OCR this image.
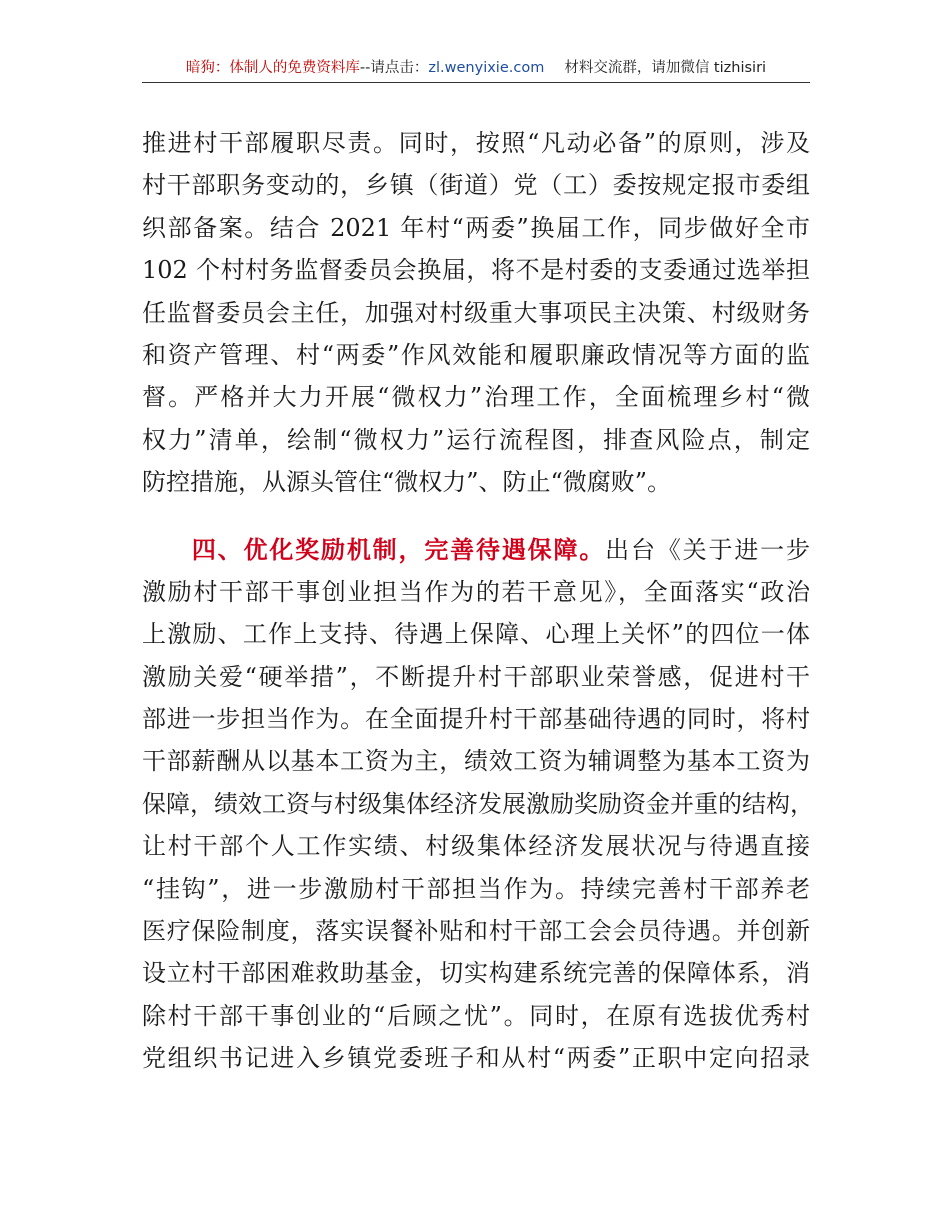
暗狗：体制人的免费资料库--请点击：zl.wenyixie.com 材料交流群，请加微信 tizhisiri
推进村干部履职尽责。同时，按照“凡动必备”的原则，涉及
村干部职务变动的，乡镇（街道）党（工）委按规定报市委组
织部备案。结合 2021 年村“两委”换届工作，同步做好全市
102 个村村务监督委员会换届，将不是村委的支委通过选举担
任监督委员会主任，加强对村级重大事项民主决策、村级财务
和资产管理、村“两委”作风效能和履职廉政情况等方面的监
督。严格并大力开展“微权力”治理工作，全面梳理乡村“微
权力”清单，绘制“微权力”运行流程图，排查风险点，制定
防控措施，从源头管住“微权力”、防止“微腐败”。
四、优化奖励机制，完善待遇保障。出台《关于进一步
激励村干部干事创业担当作为的若干意见》，全面落实“政治
上激励、工作上支持、待遇上保障、心理上关怀”的四位一体
激励关爱“硬举措”，不断提升村干部职业荣誉感，促进村干
部进一步担当作为。在全面提升村干部基础待遇的同时，将村
干部薪酬从以基本工资为主，绩效工资为辅调整为基本工资为
保障，绩效工资与村级集体经济发展激励奖励资金并重的结构，
让村干部个人工作实绩、村级集体经济发展状况与待遇直接
“挂钩”，进一步激励村干部担当作为。持续完善村干部养老
医疗保险制度，落实误餐补贴和村干部工会会员待遇。并创新
设立村干部困难救助基金，切实构建系统完善的保障体系，消
除村干部干事创业的“后顾之忧”。同时，在原有选拔优秀村
党组织书记进入乡镇党委班子和从村“两委”正职中定向招录
